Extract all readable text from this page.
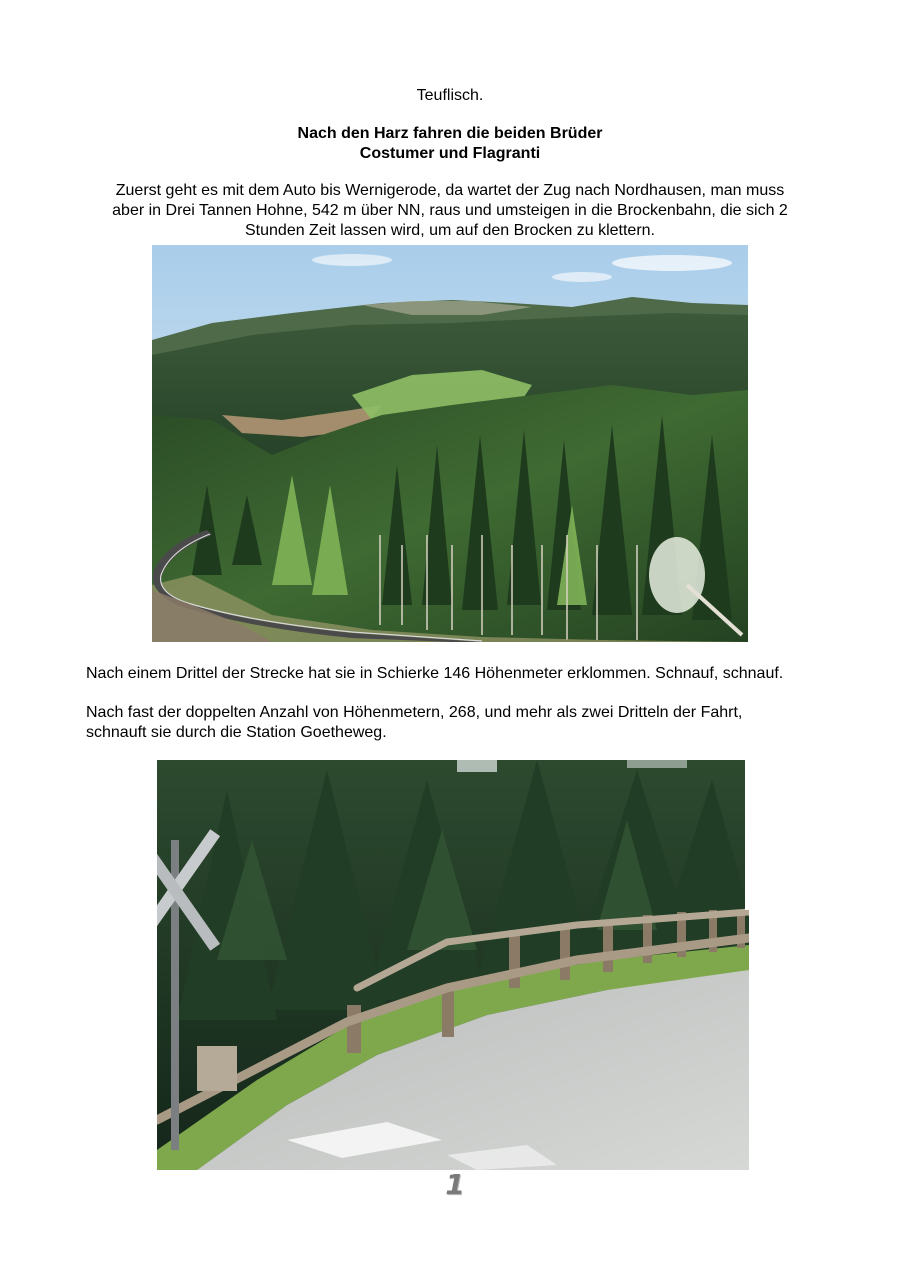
Teuflisch.
Nach den Harz fahren die beiden Brüder
Costumer und Flagranti
Zuerst geht es mit dem Auto bis Wernigerode, da wartet der Zug nach Nordhausen, man muss
aber in Drei Tannen Hohne, 542 m über NN, raus und umsteigen in die Brockenbahn, die sich 2
Stunden Zeit lassen wird, um auf den Brocken zu klettern.
Nach einem Drittel der Strecke hat sie in Schierke 146 Höhenmeter erklommen. Schnauf, schnauf.
Nach fast der doppelten Anzahl von Höhenmetern, 268, und mehr als zwei Dritteln der Fahrt,
schnauft sie durch die Station Goetheweg.
1
